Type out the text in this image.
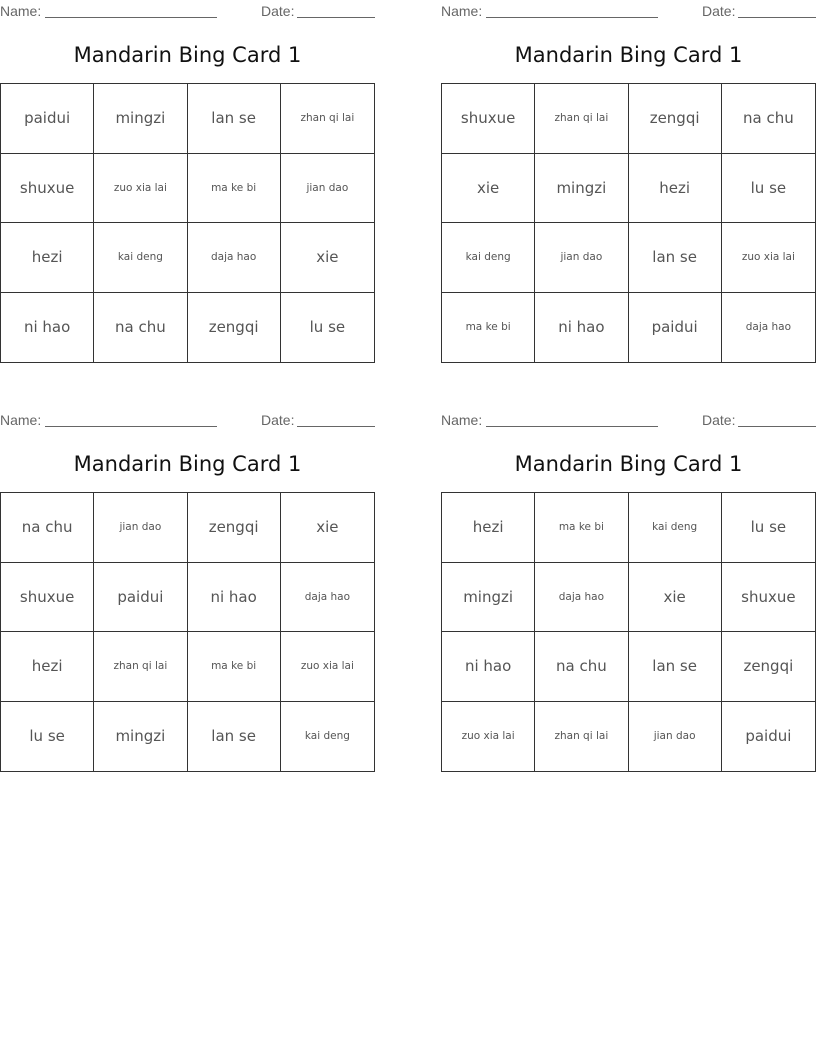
Name:	Date:
Mandarin Bing Card 1
paidui	mingzi	lan se	zhan qi lai
shuxue	zuo xia lai	ma ke bi	jian dao
hezi	kai deng	daja hao	xie
ni hao	na chu	zengqi	lu se
Name:	Date:
Mandarin Bing Card 1
shuxue	zhan qi lai	zengqi	na chu
xie	mingzi	hezi	lu se
kai deng	jian dao	lan se	zuo xia lai
ma ke bi	ni hao	paidui	daja hao
Name:	Date:
Mandarin Bing Card 1
na chu	jian dao	zengqi	xie
shuxue	paidui	ni hao	daja hao
hezi	zhan qi lai	ma ke bi	zuo xia lai
lu se	mingzi	lan se	kai deng
Name:	Date:
Mandarin Bing Card 1
hezi	ma ke bi	kai deng	lu se
mingzi	daja hao	xie	shuxue
ni hao	na chu	lan se	zengqi
zuo xia lai	zhan qi lai	jian dao	paidui
